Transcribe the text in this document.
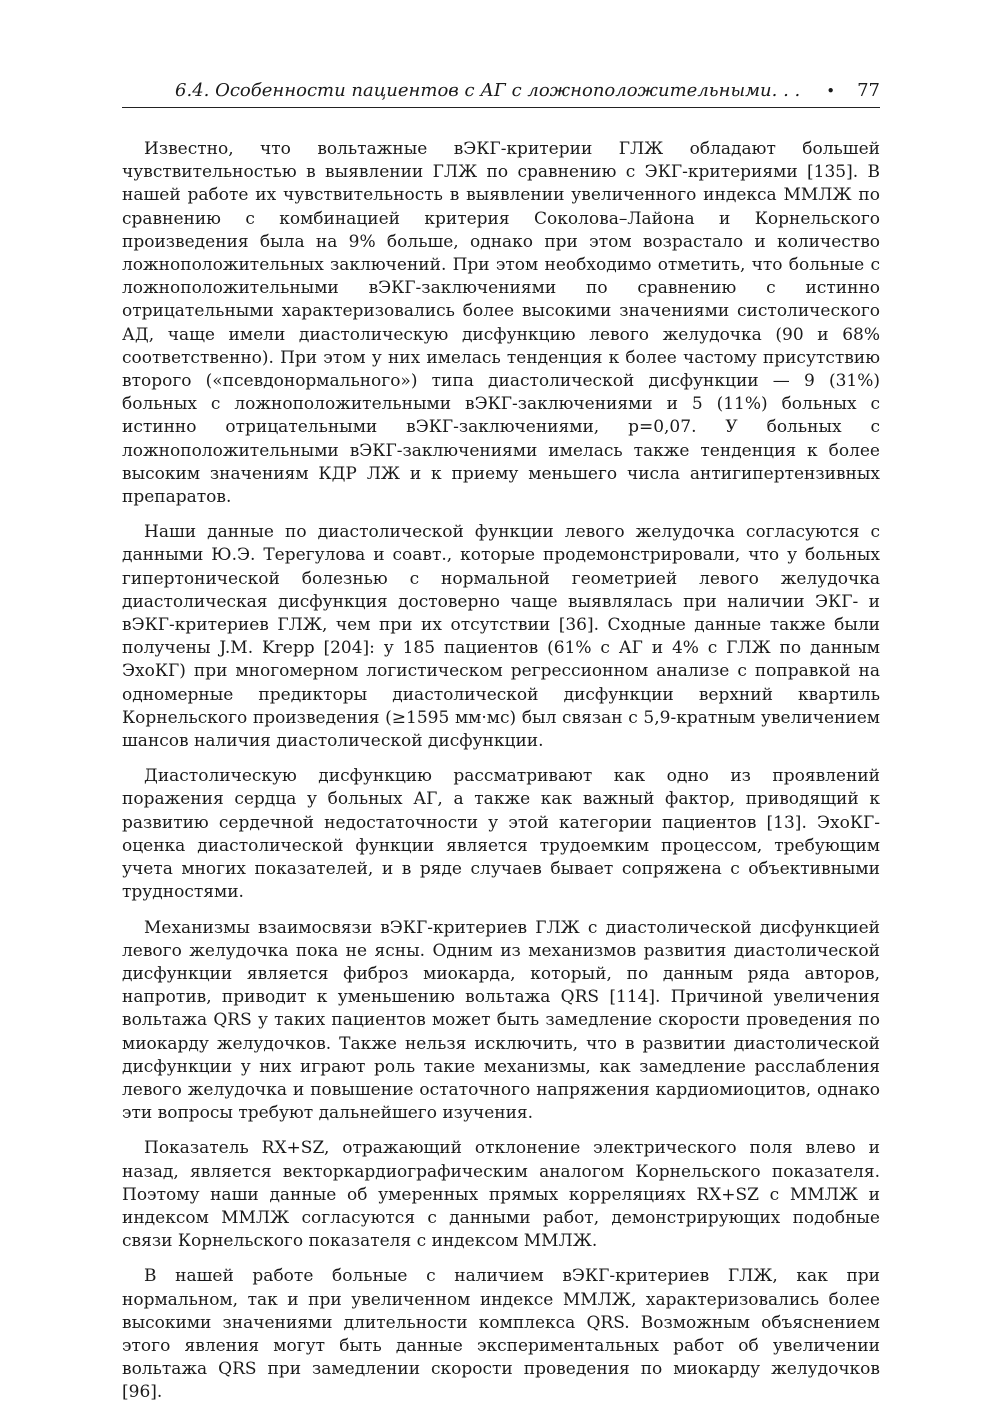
6.4. Особенности пациентов с АГ с ложноположительными. . . • 77

Известно, что вольтажные вЭКГ-критерии ГЛЖ обладают большей чувствительностью в выявлении ГЛЖ по сравнению с ЭКГ-критериями [135]. В нашей работе их чувствительность в выявлении увеличенного индекса ММЛЖ по сравнению с комбинацией критерия Соколова–Лайона и Корнельского произведения была на 9% больше, однако при этом возрастало и количество ложноположительных заключений. При этом необходимо отметить, что больные с ложноположительными вЭКГ-заключениями по сравнению с истинно отрицательными характеризовались более высокими значениями систолического АД, чаще имели диастолическую дисфункцию левого желудочка (90 и 68% соответственно). При этом у них имелась тенденция к более частому присутствию второго («псевдонормального») типа диастолической дисфункции — 9 (31%) больных с ложноположительными вЭКГ-заключениями и 5 (11%) больных с истинно отрицательными вЭКГ-заключениями, p=0,07. У больных с ложноположительными вЭКГ-заключениями имелась также тенденция к более высоким значениям КДР ЛЖ и к приему меньшего числа антигипертензивных препаратов.

Наши данные по диастолической функции левого желудочка согласуются с данными Ю.Э. Терегулова и соавт., которые продемонстрировали, что у больных гипертонической болезнью с нормальной геометрией левого желудочка диастолическая дисфункция достоверно чаще выявлялась при наличии ЭКГ- и вЭКГ-критериев ГЛЖ, чем при их отсутствии [36]. Сходные данные также были получены J.M. Krepp [204]: у 185 пациентов (61% с АГ и 4% с ГЛЖ по данным ЭхоКГ) при многомерном логистическом регрессионном анализе с поправкой на одномерные предикторы диастолической дисфункции верхний квартиль Корнельского произведения (≥1595 мм·мс) был связан с 5,9-кратным увеличением шансов наличия диастолической дисфункции.

Диастолическую дисфункцию рассматривают как одно из проявлений поражения сердца у больных АГ, а также как важный фактор, приводящий к развитию сердечной недостаточности у этой категории пациентов [13]. ЭхоКГ-оценка диастолической функции является трудоемким процессом, требующим учета многих показателей, и в ряде случаев бывает сопряжена с объективными трудностями.

Механизмы взаимосвязи вЭКГ-критериев ГЛЖ с диастолической дисфункцией левого желудочка пока не ясны. Одним из механизмов развития диастолической дисфункции является фиброз миокарда, который, по данным ряда авторов, напротив, приводит к уменьшению вольтажа QRS [114]. Причиной увеличения вольтажа QRS у таких пациентов может быть замедление скорости проведения по миокарду желудочков. Также нельзя исключить, что в развитии диастолической дисфункции у них играют роль такие механизмы, как замедление расслабления левого желудочка и повышение остаточного напряжения кардиомиоцитов, однако эти вопросы требуют дальнейшего изучения.

Показатель RX+SZ, отражающий отклонение электрического поля влево и назад, является векторкардиографическим аналогом Корнельского показателя. Поэтому наши данные об умеренных прямых корреляциях RX+SZ с ММЛЖ и индексом ММЛЖ согласуются с данными работ, демонстрирующих подобные связи Корнельского показателя с индексом ММЛЖ.

В нашей работе больные с наличием вЭКГ-критериев ГЛЖ, как при нормальном, так и при увеличенном индексе ММЛЖ, характеризовались более высокими значениями длительности комплекса QRS. Возможным объяснением этого явления могут быть данные экспериментальных работ об увеличении вольтажа QRS при замедлении скорости проведения по миокарду желудочков [96].
